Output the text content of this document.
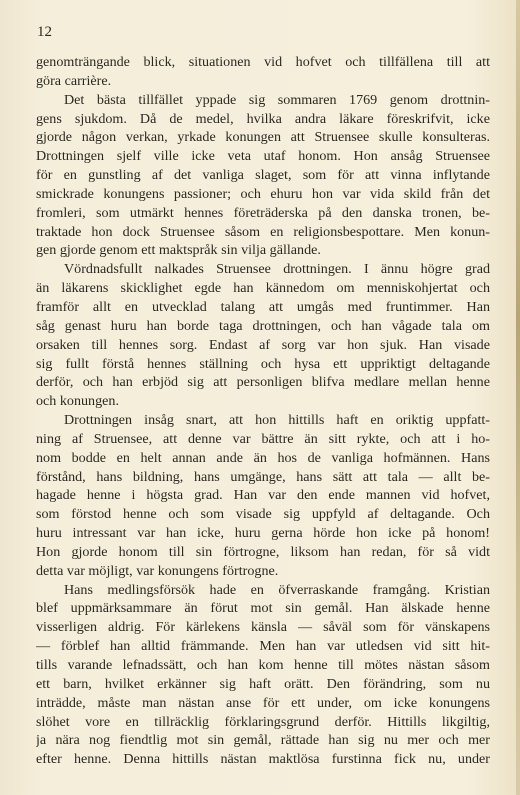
12
genomträngande blick, situationen vid hofvet och tillfällena till att
göra carrière.
Det bästa tillfället yppade sig sommaren 1769 genom drottnin-
gens sjukdom. Då de medel, hvilka andra läkare föreskrifvit, icke
gjorde någon verkan, yrkade konungen att Struensee skulle konsulteras.
Drottningen sjelf ville icke veta utaf honom. Hon ansåg Struensee
för en gunstling af det vanliga slaget, som för att vinna inflytande
smickrade konungens passioner; och ehuru hon var vida skild från det
fromleri, som utmärkt hennes företräderska på den danska tronen, be-
traktade hon dock Struensee såsom en religionsbespottare. Men konun-
gen gjorde genom ett maktspråk sin vilja gällande.
Vördnadsfullt nalkades Struensee drottningen. I ännu högre grad
än läkarens skicklighet egde han kännedom om menniskohjertat och
framför allt en utvecklad talang att umgås med fruntimmer. Han
såg genast huru han borde taga drottningen, och han vågade tala om
orsaken till hennes sorg. Endast af sorg var hon sjuk. Han visade
sig fullt förstå hennes ställning och hysa ett uppriktigt deltagande
derför, och han erbjöd sig att personligen blifva medlare mellan henne
och konungen.
Drottningen insåg snart, att hon hittills haft en oriktig uppfatt-
ning af Struensee, att denne var bättre än sitt rykte, och att i ho-
nom bodde en helt annan ande än hos de vanliga hofmännen. Hans
förstånd, hans bildning, hans umgänge, hans sätt att tala — allt be-
hagade henne i högsta grad. Han var den ende mannen vid hofvet,
som förstod henne och som visade sig uppfyld af deltagande. Och
huru intressant var han icke, huru gerna hörde hon icke på honom!
Hon gjorde honom till sin förtrogne, liksom han redan, för så vidt
detta var möjligt, var konungens förtrogne.
Hans medlingsförsök hade en öfverraskande framgång. Kristian
blef uppmärksammare än förut mot sin gemål. Han älskade henne
visserligen aldrig. För kärlekens känsla — såväl som för vänskapens
— förblef han alltid främmande. Men han var utledsen vid sitt hit-
tills varande lefnadssätt, och han kom henne till mötes nästan såsom
ett barn, hvilket erkänner sig haft orätt. Den förändring, som nu
inträdde, måste man nästan anse för ett under, om icke konungens
slöhet vore en tillräcklig förklaringsgrund derför. Hittills likgiltig,
ja nära nog fiendtlig mot sin gemål, rättade han sig nu mer och mer
efter henne. Denna hittills nästan maktlösa furstinna fick nu, under
